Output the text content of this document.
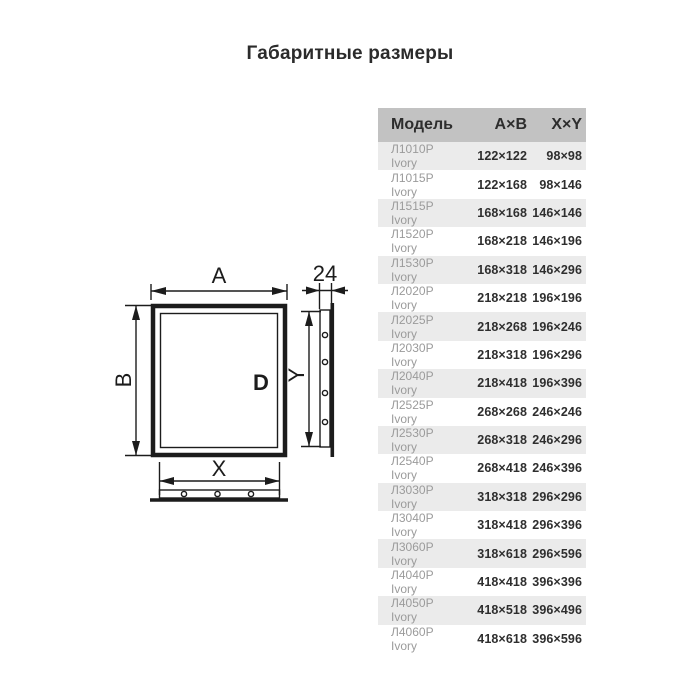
Габаритные размеры
D
A
B
X
24
Y
Модель	A×B	X×Y
Л1010Р Ivory	122×122	98×98
Л1015Р Ivory	122×168 98×146
Л1515Р Ivory	168×168 146×146
Л1520Р Ivory	168×218 146×196
Л1530Р Ivory	168×318 146×296
Л2020Р Ivory	218×218 196×196
Л2025Р Ivory	218×268 196×246
Л2030Р Ivory	218×318 196×296
Л2040Р Ivory	218×418 196×396
Л2525Р Ivory	268×268 246×246
Л2530Р Ivory	268×318 246×296
Л2540Р Ivory	268×418 246×396
Л3030Р Ivory	318×318 296×296
Л3040Р Ivory	318×418 296×396
Л3060Р Ivory	318×618 296×596
Л4040Р Ivory	418×418 396×396
Л4050Р Ivory	418×518 396×496
Л4060Р Ivory	418×618 396×596
